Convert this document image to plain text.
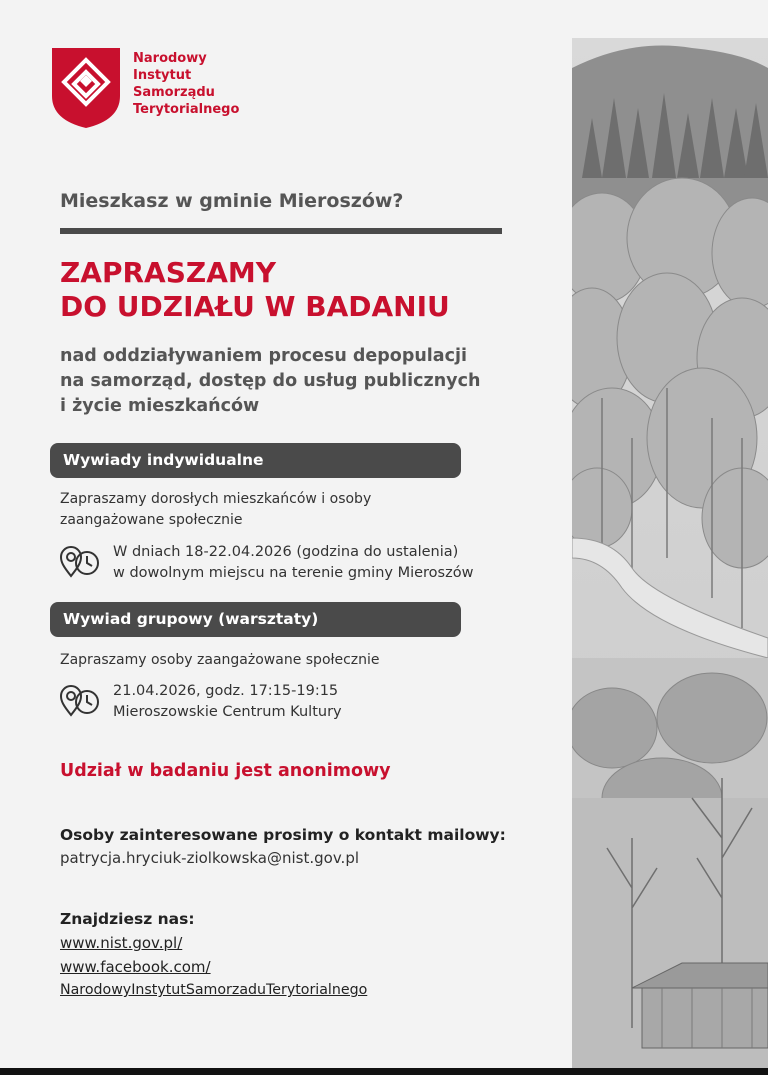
Narodowy
Instytut
Samorządu
Terytorialnego
Mieszkasz w gminie Mieroszów?
ZAPRASZAMY
DO UDZIAŁU W BADANIU
nad oddziaływaniem procesu depopulacji
na samorząd, dostęp do usług publicznych
i życie mieszkańców
Wywiady indywidualne
Zapraszamy dorosłych mieszkańców i osoby
zaangażowane społecznie
W dniach 18-22.04.2026 (godzina do ustalenia)
w dowolnym miejscu na terenie gminy Mieroszów
Wywiad grupowy (warsztaty)
Zapraszamy osoby zaangażowane społecznie
21.04.2026, godz. 17:15-19:15
Mieroszowskie Centrum Kultury
Udział w badaniu jest anonimowy
Osoby zainteresowane prosimy o kontakt mailowy:
patrycja.hryciuk-ziolkowska@nist.gov.pl
Znajdziesz nas:
www.nist.gov.pl/
www.facebook.com/
NarodowyInstytutSamorzaduTerytorialnego
